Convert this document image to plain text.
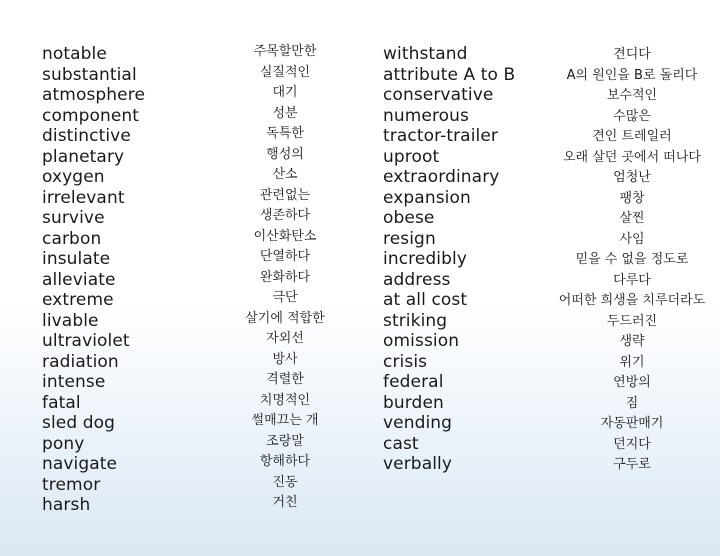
notable
substantial
atmosphere
component
distinctive
planetary
oxygen
irrelevant
survive
carbon
insulate
alleviate
extreme
livable
ultraviolet
radiation
intense
fatal
sled dog
pony
navigate
tremor
harsh
주목할만한
실질적인
대기
성분
독특한
행성의
산소
관련없는
생존하다
이산화탄소
단열하다
완화하다
극단
살기에 적합한
자외선
방사
격렬한
치명적인
썰매끄는 개
조랑말
항해하다
진동
거친
withstand
attribute A to B
conservative
numerous
tractor-trailer
uproot
extraordinary
expansion
obese
resign
incredibly
address
at all cost
striking
omission
crisis
federal
burden
vending
cast
verbally
견디다
A의 원인을 B로 돌리다
보수적인
수많은
견인 트레일러
오래 살던 곳에서 떠나다
엄청난
팽창
살찐
사임
믿을 수 없을 정도로
다루다
어떠한 희생을 치루더라도
두드러진
생략
위기
연방의
짐
자동판매기
던지다
구두로
